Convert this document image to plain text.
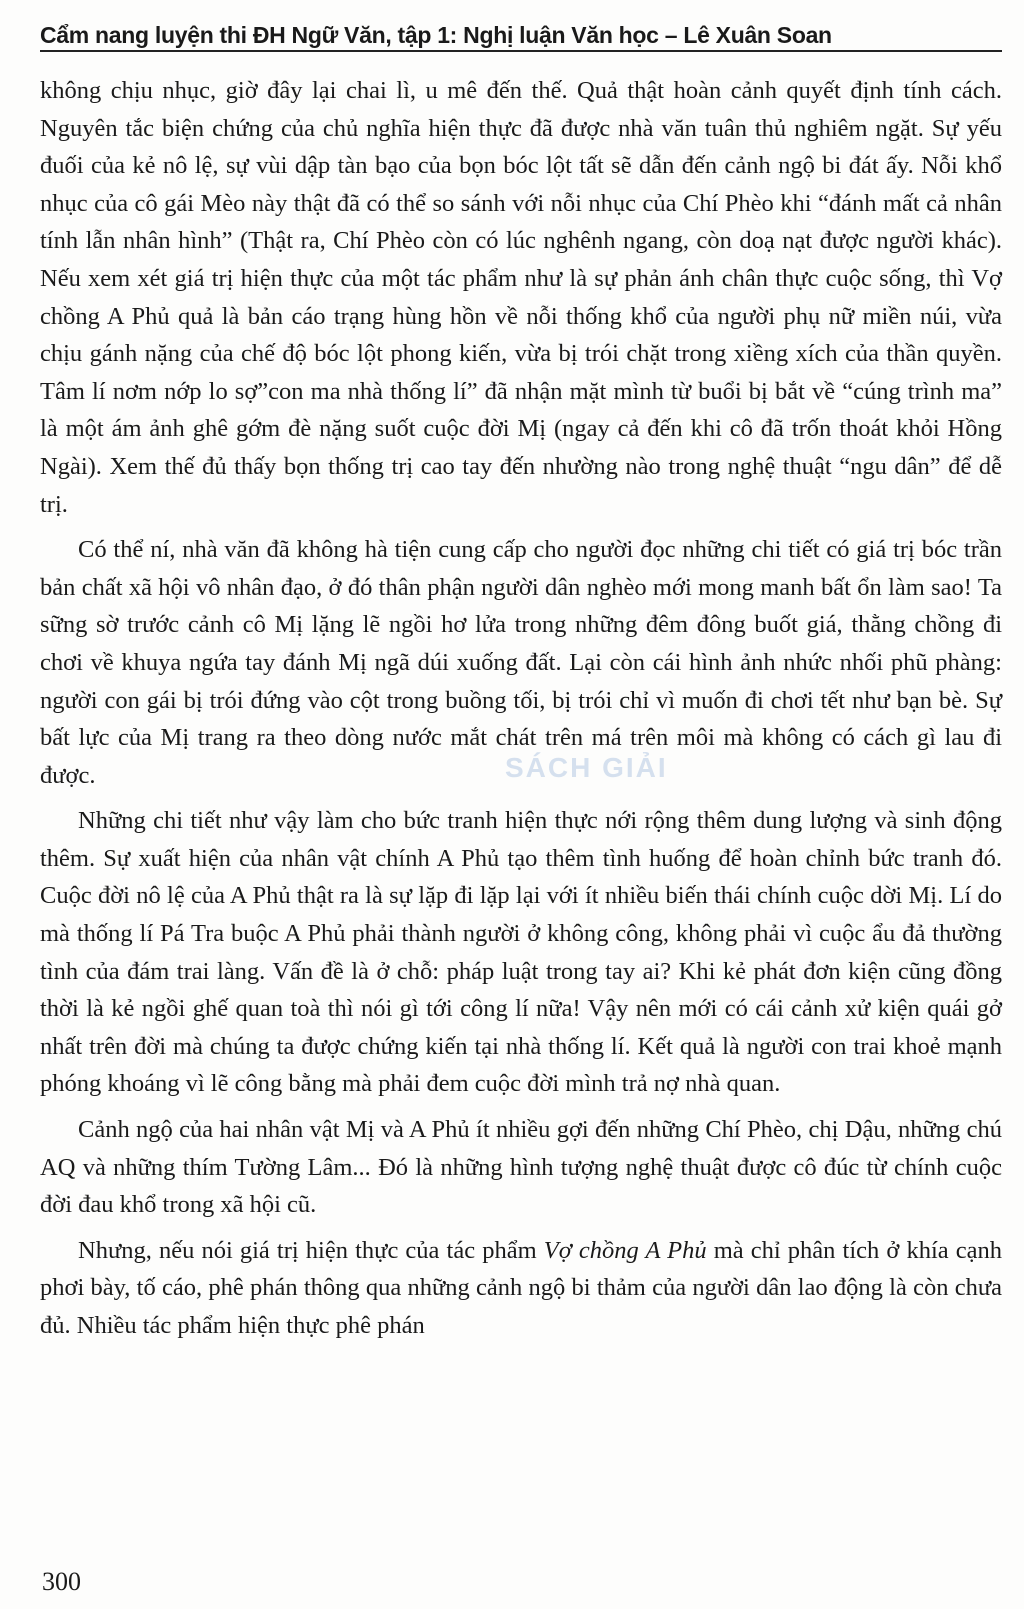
Cẩm nang luyện thi ĐH Ngữ Văn, tập 1: Nghị luận Văn học – Lê Xuân Soan

không chịu nhục, giờ đây lại chai lì, u mê đến thế. Quả thật hoàn cảnh quyết định tính cách. Nguyên tắc biện chứng của chủ nghĩa hiện thực đã được nhà văn tuân thủ nghiêm ngặt. Sự yếu đuối của kẻ nô lệ, sự vùi dập tàn bạo của bọn bóc lột tất sẽ dẫn đến cảnh ngộ bi đát ấy. Nỗi khổ nhục của cô gái Mèo này thật đã có thể so sánh với nỗi nhục của Chí Phèo khi “đánh mất cả nhân tính lẫn nhân hình” (Thật ra, Chí Phèo còn có lúc nghênh ngang, còn doạ nạt được người khác). Nếu xem xét giá trị hiện thực của một tác phẩm như là sự phản ánh chân thực cuộc sống, thì Vợ chồng A Phủ quả là bản cáo trạng hùng hồn về nỗi thống khổ của người phụ nữ miền núi, vừa chịu gánh nặng của chế độ bóc lột phong kiến, vừa bị trói chặt trong xiềng xích của thần quyền. Tâm lí nơm nớp lo sợ”con ma nhà thống lí” đã nhận mặt mình từ buổi bị bắt về “cúng trình ma” là một ám ảnh ghê gớm đè nặng suốt cuộc đời Mị (ngay cả đến khi cô đã trốn thoát khỏi Hồng Ngài). Xem thế đủ thấy bọn thống trị cao tay đến nhường nào trong nghệ thuật “ngu dân” để dễ trị.

Có thể ní, nhà văn đã không hà tiện cung cấp cho người đọc những chi tiết có giá trị bóc trần bản chất xã hội vô nhân đạo, ở đó thân phận người dân nghèo mới mong manh bất ổn làm sao! Ta sững sờ trước cảnh cô Mị lặng lẽ ngồi hơ lửa trong những đêm đông buốt giá, thằng chồng đi chơi về khuya ngứa tay đánh Mị ngã dúi xuống đất. Lại còn cái hình ảnh nhức nhối phũ phàng: người con gái bị trói đứng vào cột trong buồng tối, bị trói chỉ vì muốn đi chơi tết như bạn bè. Sự bất lực của Mị trang ra theo dòng nước mắt chát trên má trên môi mà không có cách gì lau đi được.

Những chi tiết như vậy làm cho bức tranh hiện thực nới rộng thêm dung lượng và sinh động thêm. Sự xuất hiện của nhân vật chính A Phủ tạo thêm tình huống để hoàn chỉnh bức tranh đó. Cuộc đời nô lệ của A Phủ thật ra là sự lặp đi lặp lại với ít nhiều biến thái chính cuộc dời Mị. Lí do mà thống lí Pá Tra buộc A Phủ phải thành người ở không công, không phải vì cuộc ẩu đả thường tình của đám trai làng. Vấn đề là ở chỗ: pháp luật trong tay ai? Khi kẻ phát đơn kiện cũng đồng thời là kẻ ngồi ghế quan toà thì nói gì tới công lí nữa! Vậy nên mới có cái cảnh xử kiện quái gở nhất trên đời mà chúng ta được chứng kiến tại nhà thống lí. Kết quả là người con trai khoẻ mạnh phóng khoáng vì lẽ công bằng mà phải đem cuộc đời mình trả nợ nhà quan.

Cảnh ngộ của hai nhân vật Mị và A Phủ ít nhiều gợi đến những Chí Phèo, chị Dậu, những chú AQ và những thím Tường Lâm... Đó là những hình tượng nghệ thuật được cô đúc từ chính cuộc đời đau khổ trong xã hội cũ.

Nhưng, nếu nói giá trị hiện thực của tác phẩm Vợ chồng A Phủ mà chỉ phân tích ở khía cạnh phơi bày, tố cáo, phê phán thông qua những cảnh ngộ bi thảm của người dân lao động là còn chưa đủ. Nhiều tác phẩm hiện thực phê phán

SÁCH GIẢI
300
